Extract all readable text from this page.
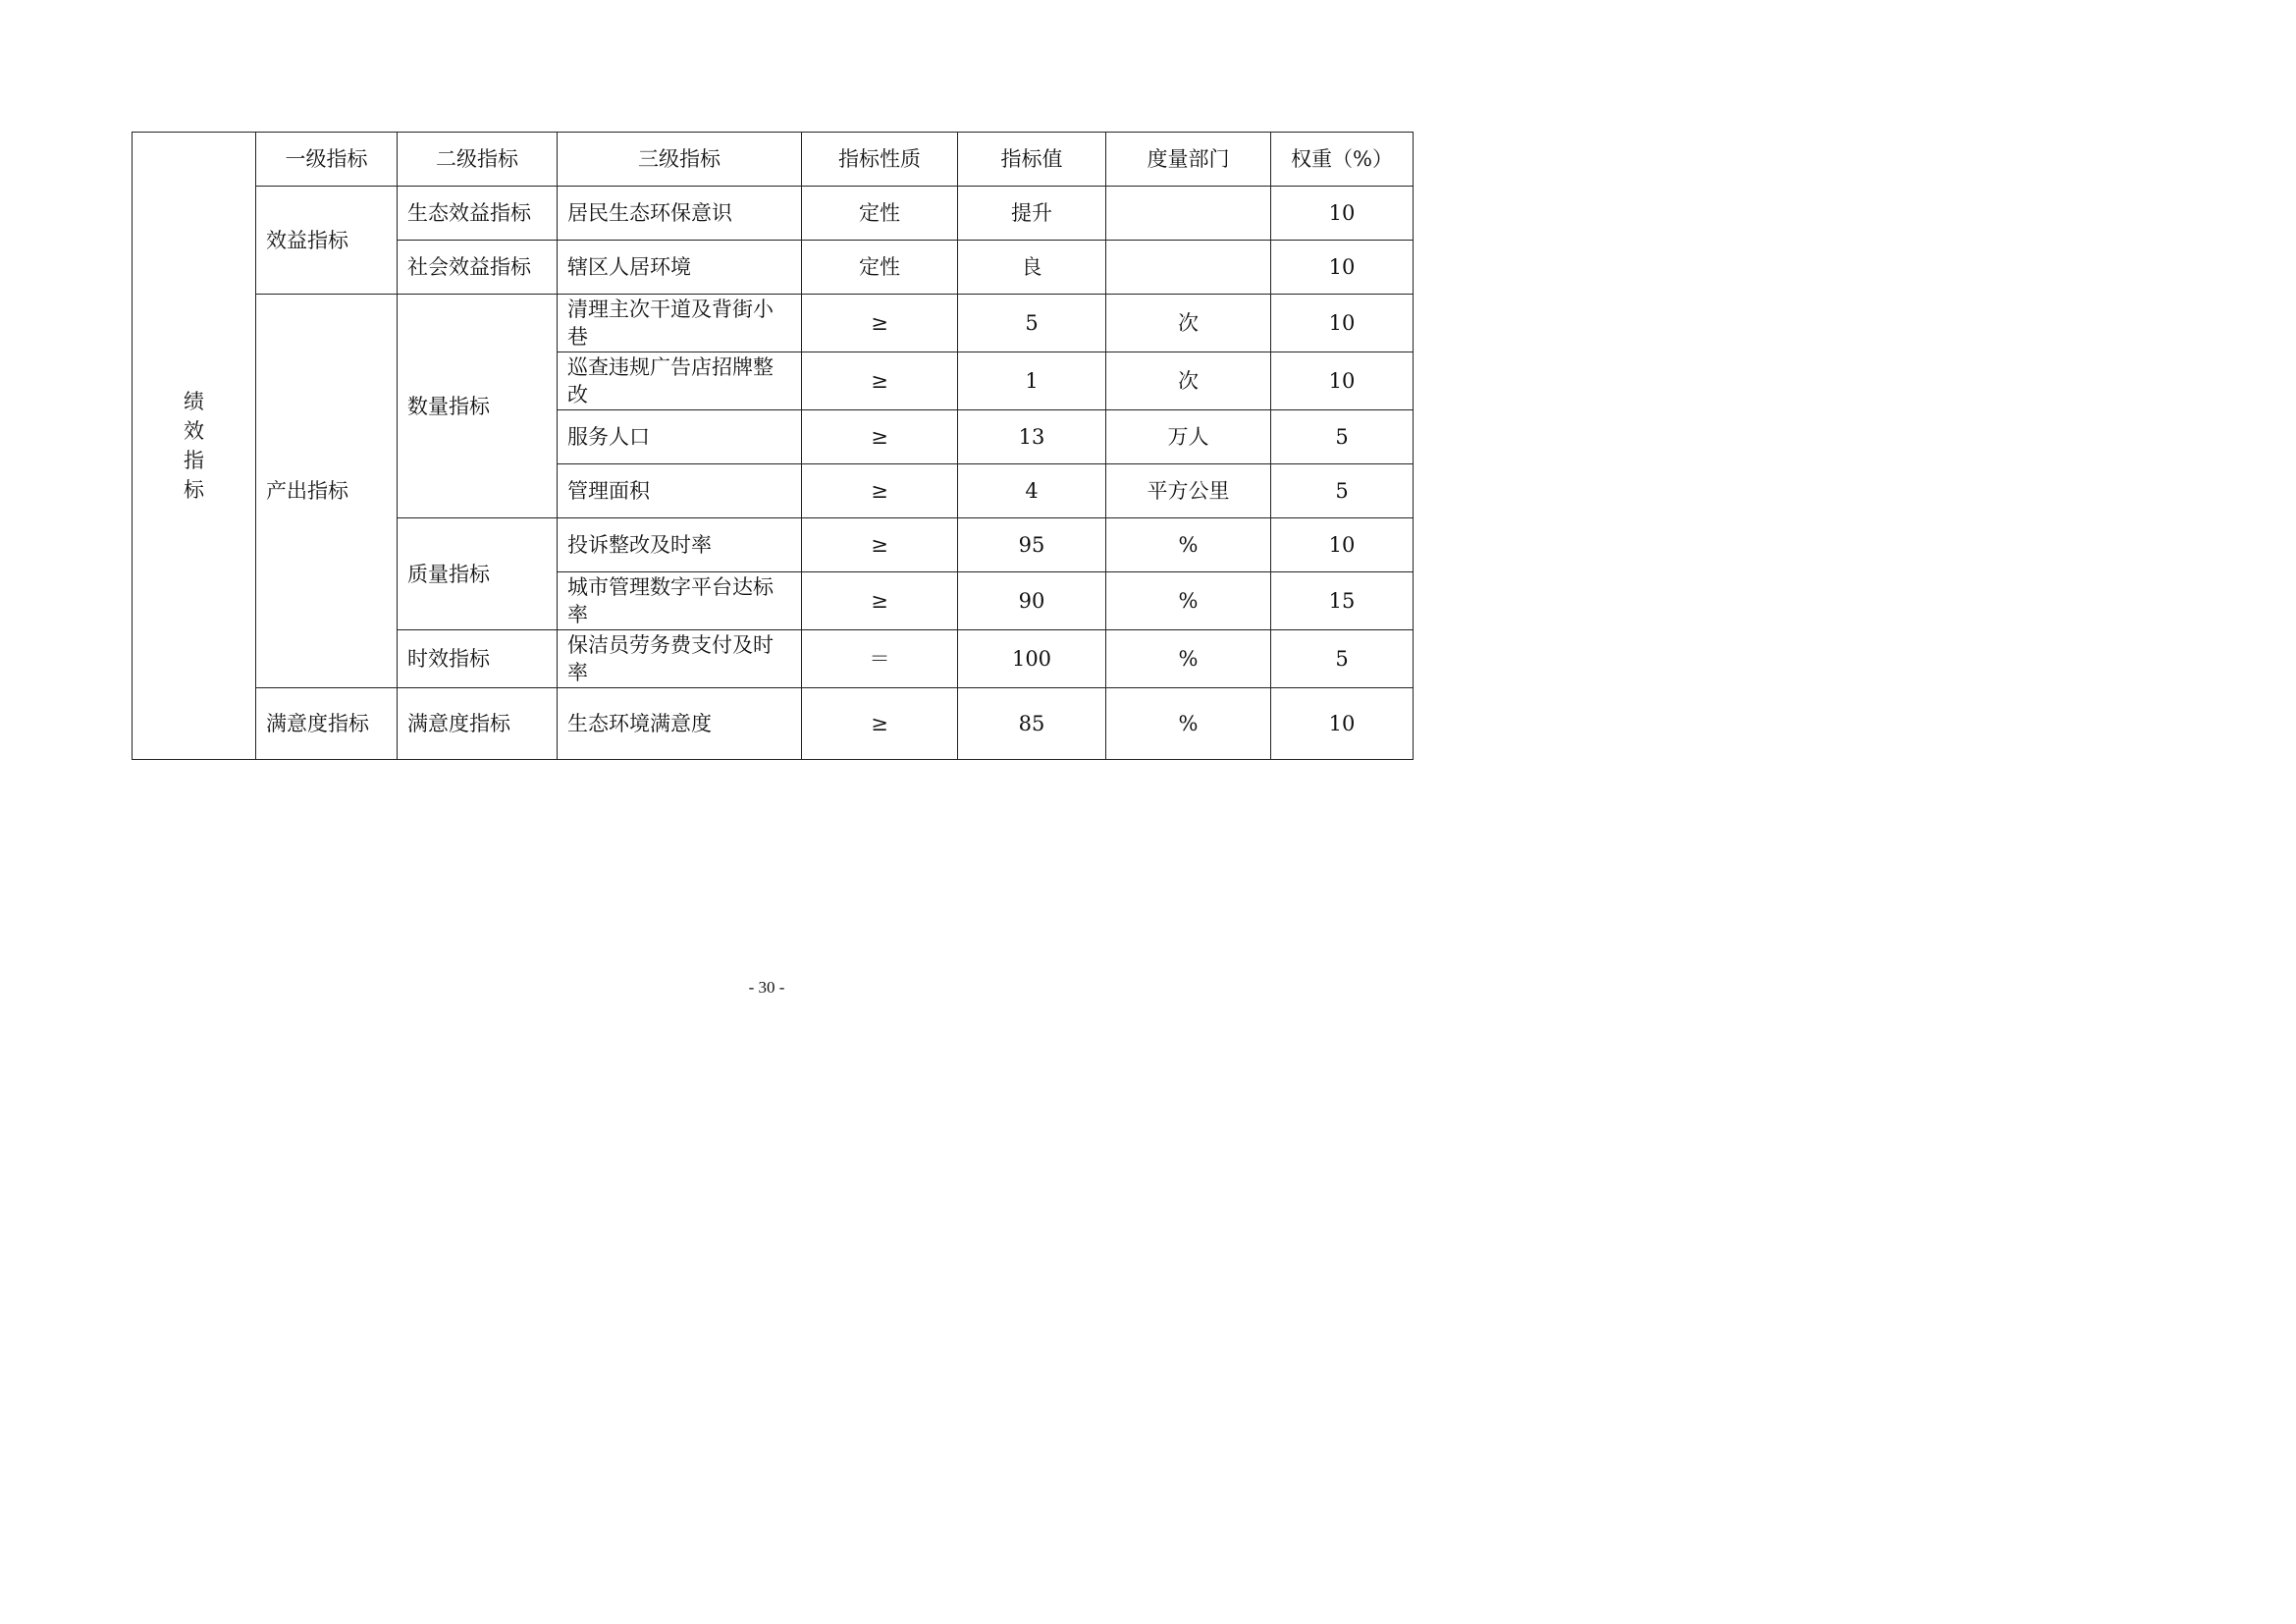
绩效指标	一级指标	二级指标	三级指标	指标性质	指标值	度量部门	权重（%）
	效益指标	生态效益指标	居民生态环保意识	定性	提升		10
		社会效益指标	辖区人居环境	定性	良		10
	产出指标	数量指标	清理主次干道及背街小巷	≥	5	次	10
			巡查违规广告店招牌整改	≥	1	次	10
			服务人口	≥	13	万人	5
			管理面积	≥	4	平方公里	5
		质量指标	投诉整改及时率	≥	95	%	10
			城市管理数字平台达标率	≥	90	%	15
		时效指标	保洁员劳务费支付及时率	＝	100	%	5
	满意度指标	满意度指标	生态环境满意度	≥	85	%	10
- 30 -
